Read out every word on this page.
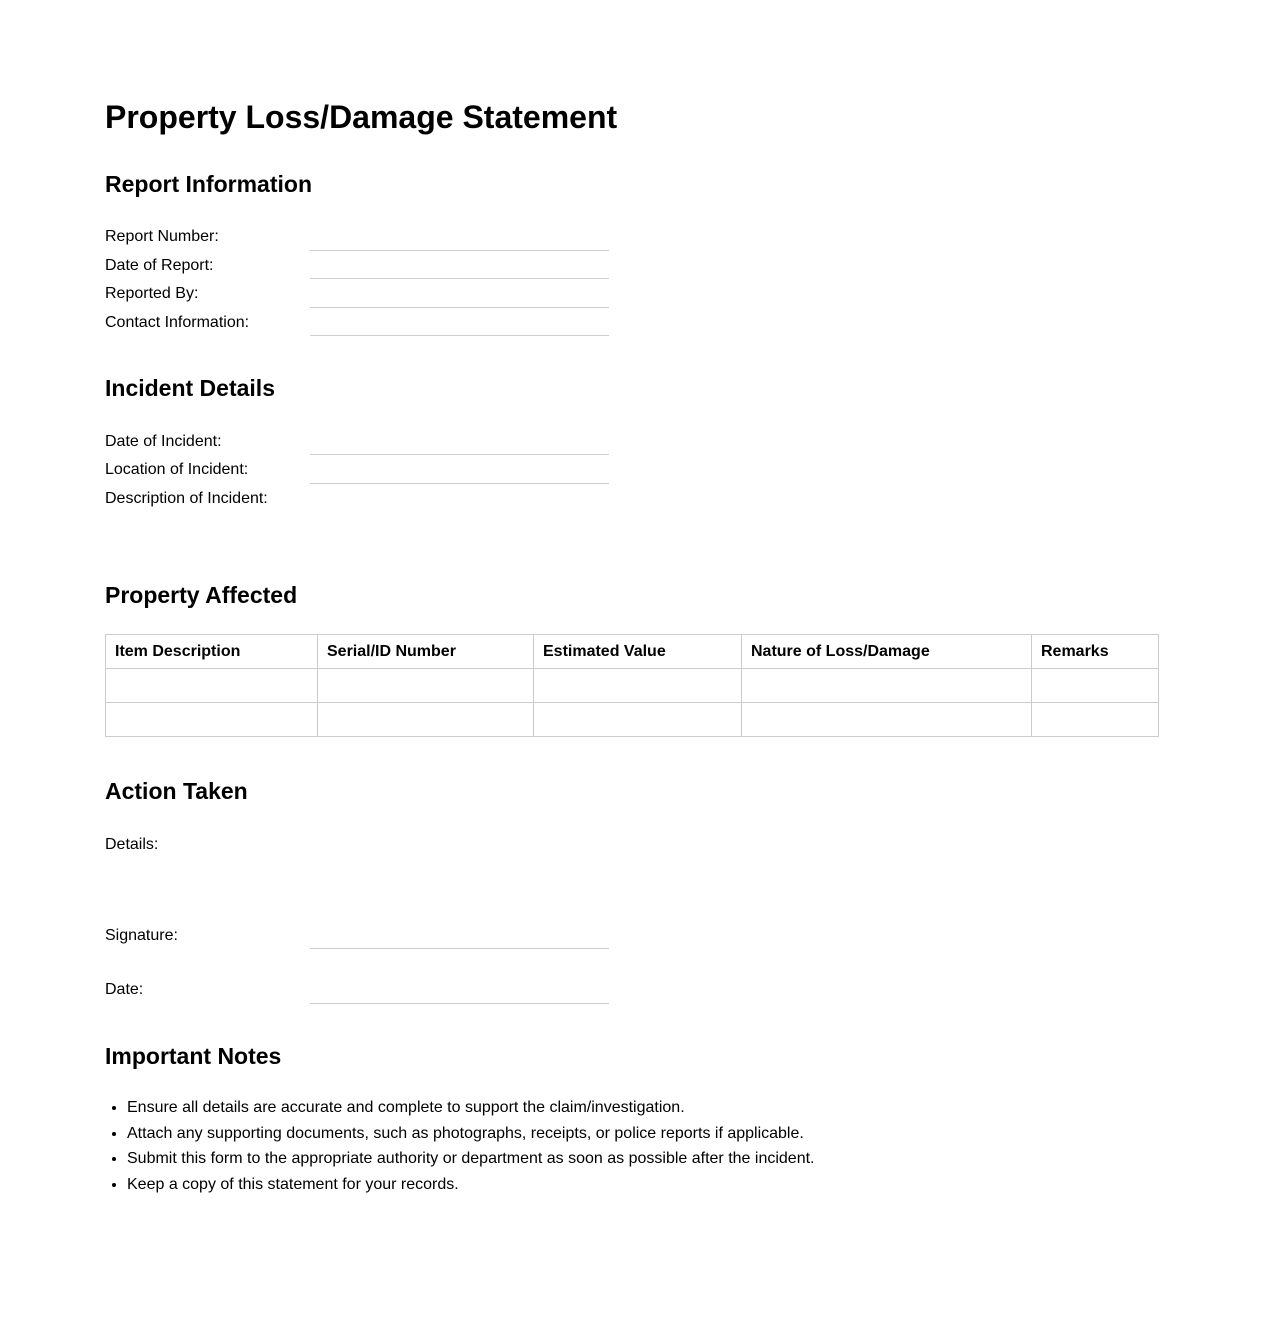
Property Loss/Damage Statement
Report Information
Report Number:
Date of Report:
Reported By:
Contact Information:
Incident Details
Date of Incident:
Location of Incident:
Description of Incident:
Property Affected
Item Description	Serial/ID Number	Estimated Value	Nature of Loss/Damage	Remarks

Action Taken
Details:
Signature:
Date:
Important Notes
• Ensure all details are accurate and complete to support the claim/investigation.
• Attach any supporting documents, such as photographs, receipts, or police reports if applicable.
• Submit this form to the appropriate authority or department as soon as possible after the incident.
• Keep a copy of this statement for your records.
